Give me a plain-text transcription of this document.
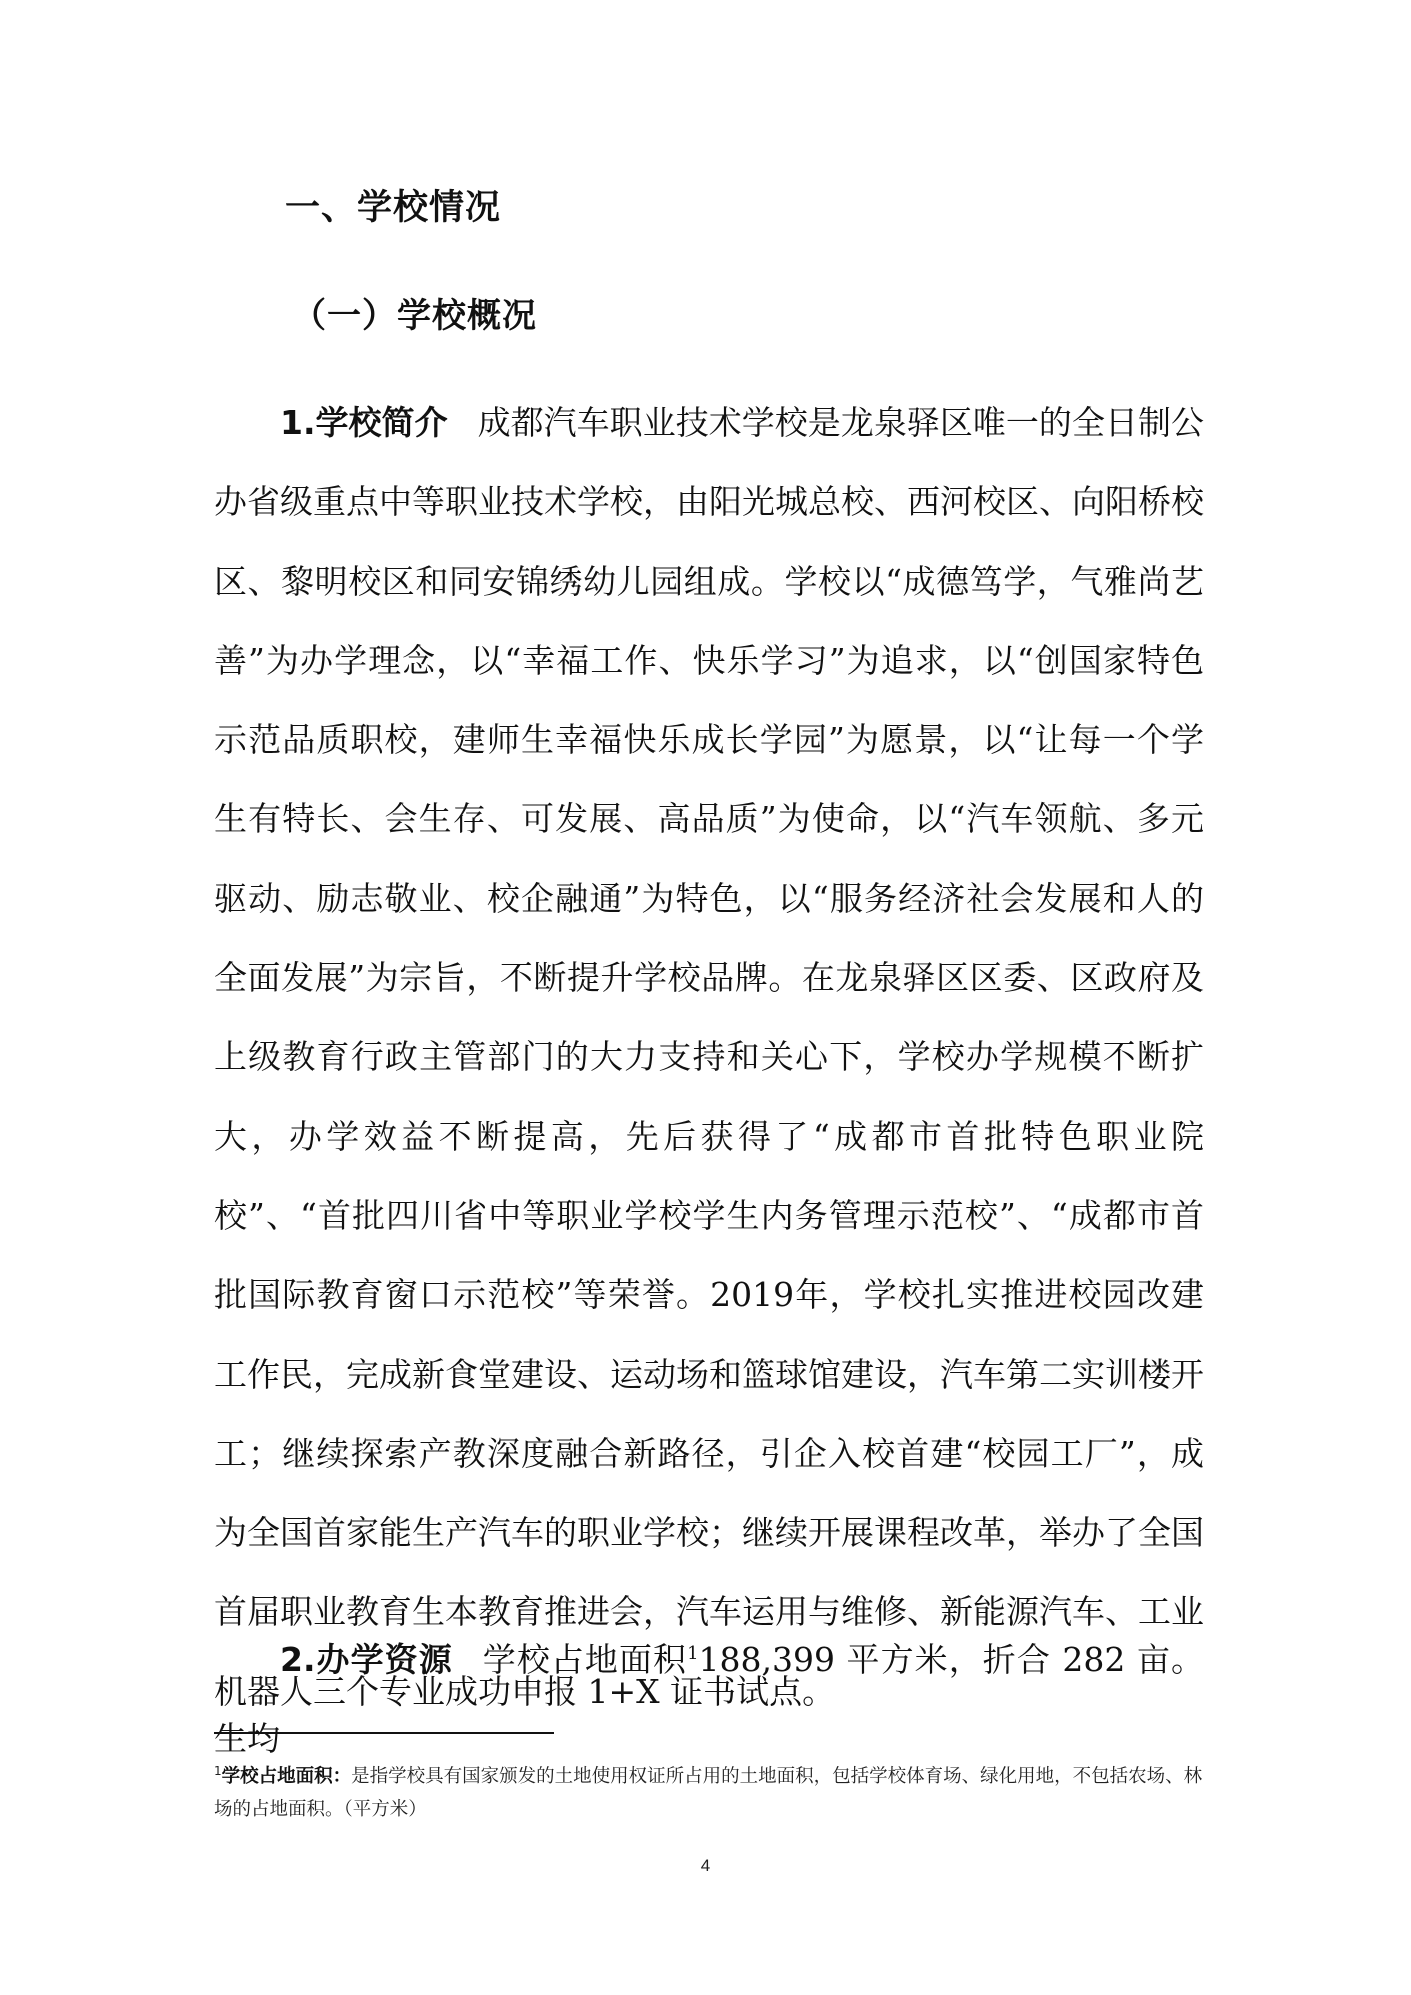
一、学校情况
（一）学校概况

1.学校简介 成都汽车职业技术学校是龙泉驿区唯一的全日制公办省级重点中等职业技术学校，由阳光城总校、西河校区、向阳桥校区、黎明校区和同安锦绣幼儿园组成。学校以“成德笃学，气雅尚艺善”为办学理念，以“幸福工作、快乐学习”为追求，以“创国家特色示范品质职校，建师生幸福快乐成长学园”为愿景，以“让每一个学生有特长、会生存、可发展、高品质”为使命，以“汽车领航、多元驱动、励志敬业、校企融通”为特色，以“服务经济社会发展和人的全面发展”为宗旨，不断提升学校品牌。在龙泉驿区区委、区政府及上级教育行政主管部门的大力支持和关心下，学校办学规模不断扩大，办学效益不断提高，先后获得了“成都市首批特色职业院校”、“首批四川省中等职业学校学生内务管理示范校”、“成都市首批国际教育窗口示范校”等荣誉。2019年，学校扎实推进校园改建工作民，完成新食堂建设、运动场和篮球馆建设，汽车第二实训楼开工；继续探索产教深度融合新路径，引企入校首建“校园工厂”，成为全国首家能生产汽车的职业学校；继续开展课程改革，举办了全国首届职业教育生本教育推进会，汽车运用与维修、新能源汽车、工业机器人三个专业成功申报 1+X 证书试点。

2.办学资源 学校占地面积$^1$188,399 平方米，折合 282 亩。生均

$^1$学校占地面积：是指学校具有国家颁发的土地使用权证所占用的土地面积，包括学校体育场、绿化用地，不包括农场、林场的占地面积。（平方米）
4
